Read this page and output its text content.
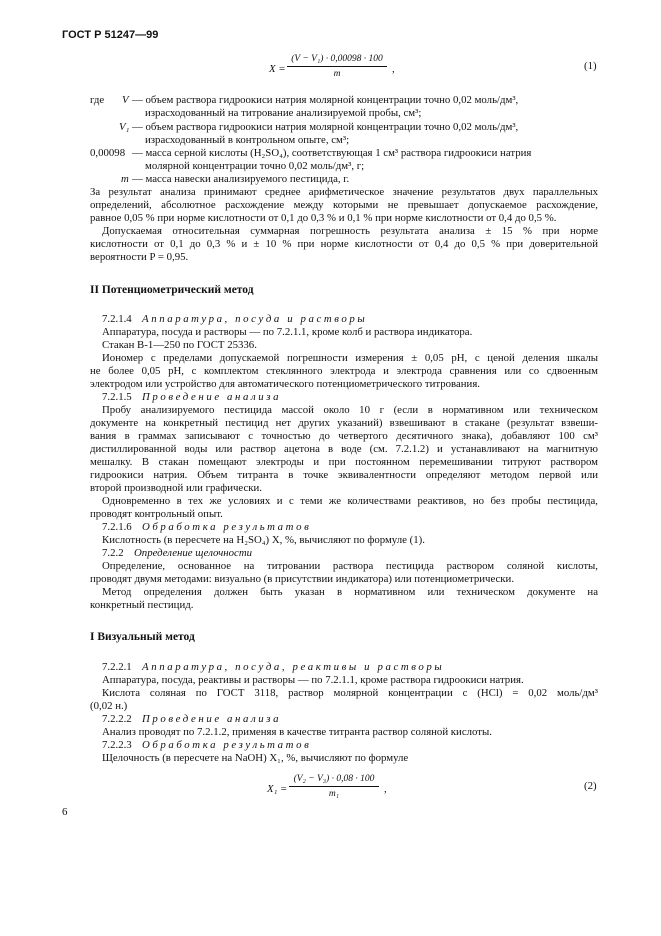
ГОСТ Р 51247—99
X =
(V − V₁) · 0,00098 · 100
m	,	(1)
где V — объем раствора гидроокиси натрия молярной концентрации точно 0,02 моль/дм³,
израсходованный на титрование анализируемой пробы, см³;
V₁ — объем раствора гидроокиси натрия молярной концентрации точно 0,02 моль/дм³,
израсходованный в контрольном опыте, см³;
0,00098 — масса серной кислоты (H₂SO₄), соответствующая 1 см³ раствора гидроокиси натрия
молярной концентрации точно 0,02 моль/дм³, г;
m — масса навески анализируемого пестицида, г.
За результат анализа принимают среднее арифметическое значение результатов двух параллельных
определений, абсолютное расхождение между которыми не превышает допускаемое расхождение,
равное 0,05 % при норме кислотности от 0,1 до 0,3 % и 0,1 % при норме кислотности от 0,4 до 0,5 %.
Допускаемая относительная суммарная погрешность результата анализа ± 15 % при норме
кислотности от 0,1 до 0,3 % и ± 10 % при норме кислотности от 0,4 до 0,5 % при доверительной
вероятности P = 0,95.
II Потенциометрический метод
7.2.1.4 Аппаратура, посуда и растворы
Аппаратура, посуда и растворы — по 7.2.1.1, кроме колб и раствора индикатора.
Стакан В-1—250 по ГОСТ 25336.
Иономер с пределами допускаемой погрешности измерения ± 0,05 pH, с ценой деления шкалы
не более 0,05 pH, с комплектом стеклянного электрода и электрода сравнения или со сдвоенным
электродом или устройство для автоматического потенциометрического титрования.
7.2.1.5 Проведение анализа
Пробу анализируемого пестицида массой около 10 г (если в нормативном или техническом
документе на конкретный пестицид нет других указаний) взвешивают в стакане (результат взвеши-
вания в граммах записывают с точностью до четвертого десятичного знака), добавляют 100 см³
дистиллированной воды или раствор ацетона в воде (см. 7.2.1.2) и устанавливают на магнитную
мешалку. В стакан помещают электроды и при постоянном перемешивании титруют раствором
гидроокиси натрия. Объем титранта в точке эквивалентности определяют методом первой или
второй производной или графически.
Одновременно в тех же условиях и с теми же количествами реактивов, но без пробы пестицида,
проводят контрольный опыт.
7.2.1.6 Обработка результатов
Кислотность (в пересчете на H₂SO₄) X, %, вычисляют по формуле (1).
7.2.2 Определение щелочности
Определение, основанное на титровании раствора пестицида раствором соляной кислоты,
проводят двумя методами: визуально (в присутствии индикатора) или потенциометрически.
Метод определения должен быть указан в нормативном или техническом документе на
конкретный пестицид.
I Визуальный метод
7.2.2.1 Аппаратура, посуда, реактивы и растворы
Аппаратура, посуда, реактивы и растворы — по 7.2.1.1, кроме раствора гидроокиси натрия.
Кислота соляная по ГОСТ 3118, раствор молярной концентрации c (HCl) = 0,02 моль/дм³
(0,02 н.)
7.2.2.2 Проведение анализа
Анализ проводят по 7.2.1.2, применяя в качестве титранта раствор соляной кислоты.
7.2.2.3 Обработка результатов
Щелочность (в пересчете на NaOH) X₁, %, вычисляют по формуле
X₁ =
(V₂ − V₃) · 0,08 · 100
m₁	,	(2)
6
